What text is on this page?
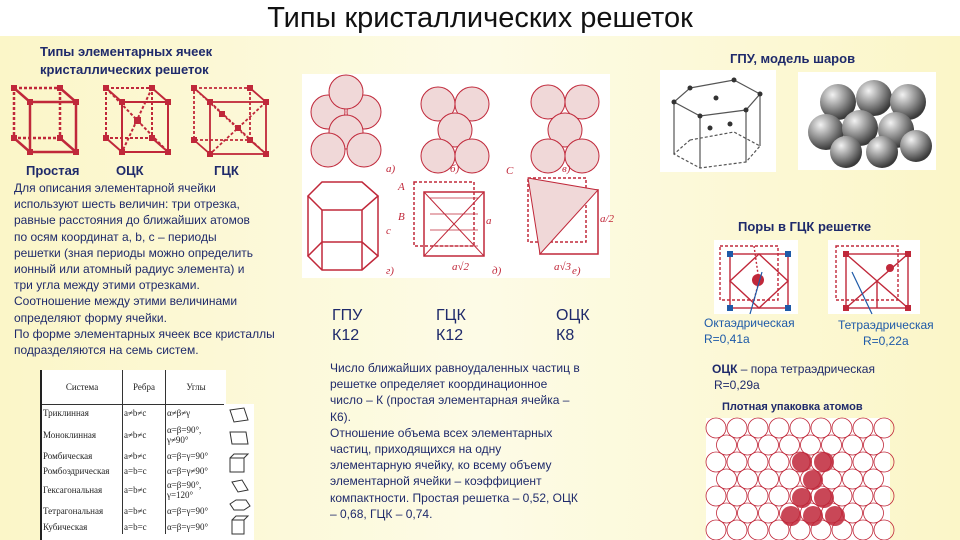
Типы кристаллических решеток
Типы элементарных ячеек
кристаллических решеток
Простая	ОЦК	ГЦК
Для описания элементарной ячейки
используют шесть величин: три отрезка,
равные расстояния до ближайших атомов
по осям координат a, b, c – периоды
решетки (зная периоды можно определить
ионный или атомный радиус элемента) и
три угла между этими отрезками.
Соотношение между этими величинами
определяют форму ячейки.
По форме элементарных ячеек все кристаллы
подразделяются на семь систем.
Система	Ребра	Углы
Триклинная	a≠b≠c	α≠β≠γ
Моноклинная	a≠b≠c	α=β=90°, γ≠90°
Ромбическая	a≠b≠c	α=β=γ=90°
Ромбоэдрическая	a=b=c	α=β=γ≠90°
Гексагональная	a=b≠c	α=β=90°, γ=120°
Тетрагональная	a=b≠c	α=β=γ=90°
Кубическая	a=b=c	α=β=γ=90°
а)	б)	в)
г)	д)	е)
A
B
C
c
a	a/2
a√2	a√3
ГПУ
К12
ГЦК
К12
ОЦК
К8
Число ближайших равноудаленных частиц в
решетке определяет координационное
число – К (простая элементарная ячейка –
К6).
Отношение объема всех элементарных
частиц, приходящихся на одну
элементарную ячейку, ко всему объему
элементарной ячейки – коэффициент
компактности. Простая решетка – 0,52, ОЦК
– 0,68, ГЦК – 0,74.
ГПУ, модель шаров
Поры в ГЦК решетке
Октаэдрическая
R=0,41a
Тетраэдрическая
R=0,22a
ОЦК – пора тетраэдрическая
R=0,29a
Плотная упаковка атомов
